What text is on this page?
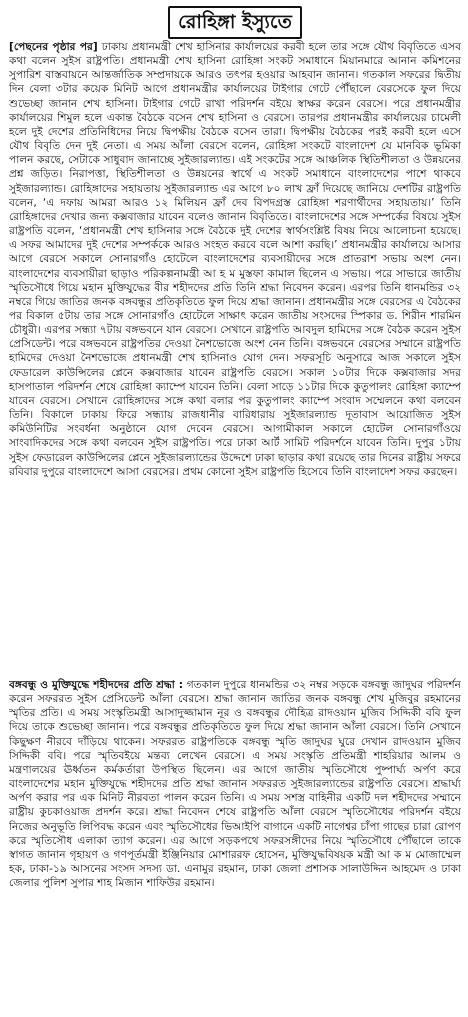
রোহিঙ্গা ইস্যুতে

[পেছনের পৃষ্ঠার পর] ঢাকায় প্রধানমন্ত্রী শেখ হাসিনার কার্যালয়ের করবী হলে তার সঙ্গে যৌথ বিবৃতিতে এসব কথা বলেন সুইস রাষ্ট্রপতি। প্রধানমন্ত্রী শেখ হাসিনা রোহিঙ্গা সংকট সমাধানে মিয়ানমারে আনান কমিশনের সুপারিশ বাস্তবায়নে আন্তর্জাতিক সম্প্রদায়কে আরও তৎপর হওয়ার আহবান জানান। গতকাল সফরের দ্বিতীয় দিন বেলা ৩টার কয়েক মিনিট আগে প্রধানমন্ত্রীর কার্যালয়ের টাইগার গেটে পৌঁছালে বেরসেকে ফুল দিয়ে শুভেচ্ছা জানান শেখ হাসিনা। টাইগার গেটে রাখা পরিদর্শন বইয়ে স্বাক্ষর করেন বেরসে। পরে প্রধানমন্ত্রীর কার্যালয়ের শিমুল হলে একান্ত বৈঠকে বসেন শেখ হাসিনা ও বেরসে। তারপর প্রধানমন্ত্রীর কার্যালয়ের চামেলী হলে দুই দেশের প্রতিনিধিদের নিয়ে দ্বিপক্ষীয় বৈঠকে বসেন তারা। দ্বিপক্ষীয় বৈঠকের পরই করবী হলে এসে যৌথ বিবৃতি দেন দুই নেতা। এ সময় আঁলা বেরসে বলেন, রোহিঙ্গা সংকটে বাংলাদেশ যে মানবিক ভূমিকা পালন করছে, সেটাকে সাধুবাদ জানাচ্ছে সুইজারল্যান্ড। এই সংকটের সঙ্গে আঞ্চলিক স্থিতিশীলতা ও উন্নয়নের প্রশ্ন জড়িত। নিরাপত্তা, স্থিতিশীলতা ও উন্নয়নের স্বার্থে এ সংকট সমাধানে বাংলাদেশের পাশে থাকবে সুইজারল্যান্ড। রোহিঙ্গাদের সহায়তায় সুইজারল্যান্ড এর আগে ৮০ লাখ ফ্রাঁ দিয়েছে জানিয়ে দেশটির রাষ্ট্রপতি বলেন, ‘এ দফায় আমরা আরও ১২ মিলিয়ন ফ্রাঁ দেব বিপদগ্রস্ত রোহিঙ্গা শরণার্থীদের সহায়তায়।’ তিনি রোহিঙ্গাদের দেখার জন্য কক্সবাজার যাবেন বলেও জানান বিবৃতিতে। বাংলাদেশের সঙ্গে সম্পর্কের বিষয়ে সুইস রাষ্ট্রপতি বলেন, ‘প্রধানমন্ত্রী শেখ হাসিনার সঙ্গে বৈঠকে দুই দেশের স্বার্থসংশ্লিষ্ট বিষয় নিয়ে আলোচনা হয়েছে। এ সফর আমাদের দুই দেশের সম্পর্ককে আরও সংহত করবে বলে আশা করছি।’ প্রধানমন্ত্রীর কার্যালয়ে আসার আগে বেরসে সকালে সোনারগাঁও হোটেলে বাংলাদেশের ব্যবসায়ীদের সঙ্গে প্রাতরাশ সভায় অংশ নেন। বাংলাদেশের ব্যবসায়ীরা ছাড়াও পরিকল্পনামন্ত্রী আ হ ম মুস্তফা কামাল ছিলেন এ সভায়। পরে সাভারে জাতীয় স্মৃতিসৌধে গিয়ে মহান মুক্তিযুদ্ধের বীর শহীদদের প্রতি তিনি শ্রদ্ধা নিবেদন করেন। এরপর তিনি ধানমন্ডির ৩২ নম্বরে গিয়ে জাতির জনক বঙ্গবন্ধুর প্রতিকৃতিতে ফুল দিয়ে শ্রদ্ধা জানান। প্রধানমন্ত্রীর সঙ্গে বেরসের এ বৈঠকের পর বিকাল ৫টায় তার সঙ্গে সোনারগাঁও হোটেলে সাক্ষাৎ করেন জাতীয় সংসদের স্পিকার ড. শিরীন শারমিন চৌধুরী। এরপর সন্ধ্যা ৭টায় বঙ্গভবনে যান বেরসে। সেখানে রাষ্ট্রপতি আবদুল হামিদের সঙ্গে বৈঠক করেন সুইস প্রেসিডেন্ট। পরে বঙ্গভবনে রাষ্ট্রপতির দেওয়া নৈশভোজে অংশ নেন তিনি। বঙ্গভবনে বেরসের সম্মানে রাষ্ট্রপতি হামিদের দেওয়া নৈশভোজে প্রধানমন্ত্রী শেখ হাসিনাও যোগ দেন। সফরসূচি অনুসারে আজ সকালে সুইস ফেডারেল কাউন্সিলের প্লেনে কক্সবাজার যাবেন রাষ্ট্রপতি বেরসে। সকাল ১০টার দিকে কক্সবাজার সদর হাসপাতাল পরিদর্শন শেষে রোহিঙ্গা ক্যাম্পে যাবেন তিনি। বেলা সাড়ে ১১টার দিকে কুতুপালং রোহিঙ্গা ক্যাম্পে যাবেন বেরসে। সেখানে রোহিঙ্গাদের সঙ্গে কথা বলার পর কুতুপালং ক্যাম্পে সংবাদ সম্মেলনে কথা বলবেন তিনি। বিকালে ঢাকায় ফিরে সন্ধ্যায় রাজধানীর বারিধারায় সুইজারল্যান্ড দূতাবাস আয়োজিত সুইস কমিউনিটির সংবর্ধনা অনুষ্ঠানে যোগ দেবেন বেরসে। আগামীকাল সকালে হোটেল সোনারগাঁওয়ে সাংবাদিকদের সঙ্গে কথা বলবেন সুইস রাষ্ট্রপতি। পরে ঢাকা আর্ট সামিট পরিদর্শনে যাবেন তিনি। দুপুর ১টায় সুইস ফেডারেল কাউন্সিলের প্লেনে সুইজারল্যান্ডের উদ্দেশে ঢাকা ছাড়ার কথা রয়েছে তার দিনের রাষ্ট্রীয় সফরে রবিবার দুপুরে বাংলাদেশে আসা বেরসের। প্রথম কোনো সুইস রাষ্ট্রপতি হিসেবে তিনি বাংলাদেশ সফর করছেন।

বঙ্গবন্ধু ও মুক্তিযুদ্ধে শহীদদের প্রতি শ্রদ্ধা : গতকাল দুপুরে ধানমন্ডির ৩২ নম্বর সড়কে বঙ্গবন্ধু জাদুঘর পরিদর্শন করেন সফররত সুইস প্রেসিডেন্ট আঁলা বেরসে। শ্রদ্ধা জানান জাতির জনক বঙ্গবন্ধু শেখ মুজিবুর রহমানের স্মৃতির প্রতি। এ সময় সংস্কৃতিমন্ত্রী আসাদুজ্জামান নূর ও বঙ্গবন্ধুর দৌহিত্র রাদওয়ান মুজিব সিদ্দিকী ববি ফুল দিয়ে তাকে শুভেচ্ছা জানান। পরে বঙ্গবন্ধুর প্রতিকৃতিতে ফুল দিয়ে শ্রদ্ধা জানান আঁলা বেরসে। তিনি সেখানে কিছুক্ষণ নীরবে দাঁড়িয়ে থাকেন। সফররত রাষ্ট্রপতিকে বঙ্গবন্ধু স্মৃতি জাদুঘর ঘুরে দেখান রাদওয়ান মুজিব সিদ্দিকী ববি। পরে স্মৃতিবইয়ে মন্তব্য লেখেন বেরসে। এ সময় সংস্কৃতি প্রতিমন্ত্রী শাহরিয়ার আলম ও মন্ত্রণালয়ের ঊর্ধ্বতন কর্মকর্তারা উপস্থিত ছিলেন। এর আগে জাতীয় স্মৃতিসৌধে পুষ্পার্ঘ্য অর্পণ করে বাংলাদেশের মহান মুক্তিযুদ্ধে শহীদদের প্রতি শ্রদ্ধা জানান সফররত সুইজারল্যান্ডের রাষ্ট্রপতি বেরসে। শ্রদ্ধার্ঘ্য অর্পণ করার পর এক মিনিট নীরবতা পালন করেন তিনি। এ সময় সশস্ত্র বাহিনীর একটি দল শহীদদের সম্মানে রাষ্ট্রীয় কুচকাওয়াজ প্রদর্শন করে। শ্রদ্ধা নিবেদন শেষে রাষ্ট্রপতি আঁলা বেরসে স্মৃতিসৌধের পরিদর্শন বইয়ে নিজের অনুভূতি লিপিবদ্ধ করেন এবং স্মৃতিসৌধের ভিআইপি বাগানে একটি নাগেশ্বর চাঁপা গাছের চারা রোপণ করে স্মৃতিসৌধ এলাকা ত্যাগ করেন। এর আগে সড়কপথে সফরসঙ্গীদের নিয়ে স্মৃতিসৌধে পৌঁছালে তাকে স্বাগত জানান গৃহায়ণ ও গণপূর্তমন্ত্রী ইঞ্জিনিয়ার মোশাররফ হোসেন, মুক্তিযুদ্ধবিষয়ক মন্ত্রী আ ক ম মোজাম্মেল হক, ঢাকা-১৯ আসনের সংসদ সদস্য ডা. এনামুর রহমান, ঢাকা জেলা প্রশাসক সালাউদ্দিন আহমেদ ও ঢাকা জেলার পুলিশ সুপার শাহ মিজান শাফিউর রহমান।
